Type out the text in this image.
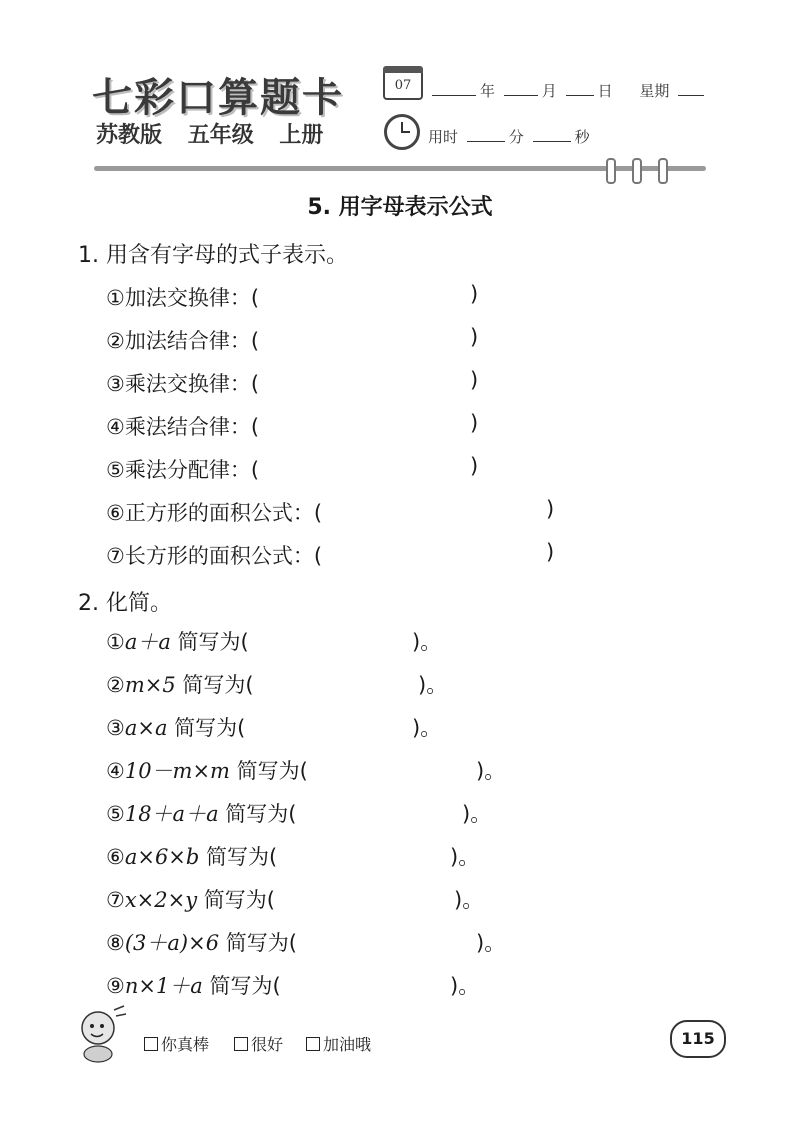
七彩口算题卡
苏教版 五年级 上册
07	年	月	日 星期
用时	分	秒
5. 用字母表示公式
1. 用含有字母的式子表示。
①加法交换律：(	)
②加法结合律：(	)
③乘法交换律：(	)
④乘法结合律：(	)
⑤乘法分配律：(	)
⑥正方形的面积公式：(	)
⑦长方形的面积公式：(	)
2. 化简。
①a＋a 简写为(	)。
②m×5 简写为(	)。
③a×a 简写为(	)。
④10－m×m 简写为(	)。
⑤18＋a＋a 简写为(	)。
⑥a×6×b 简写为(	)。
⑦x×2×y 简写为(	)。
⑧(3＋a)×6 简写为(	)。
⑨n×1＋a 简写为(	)。
你真棒	很好	加油哦	115
